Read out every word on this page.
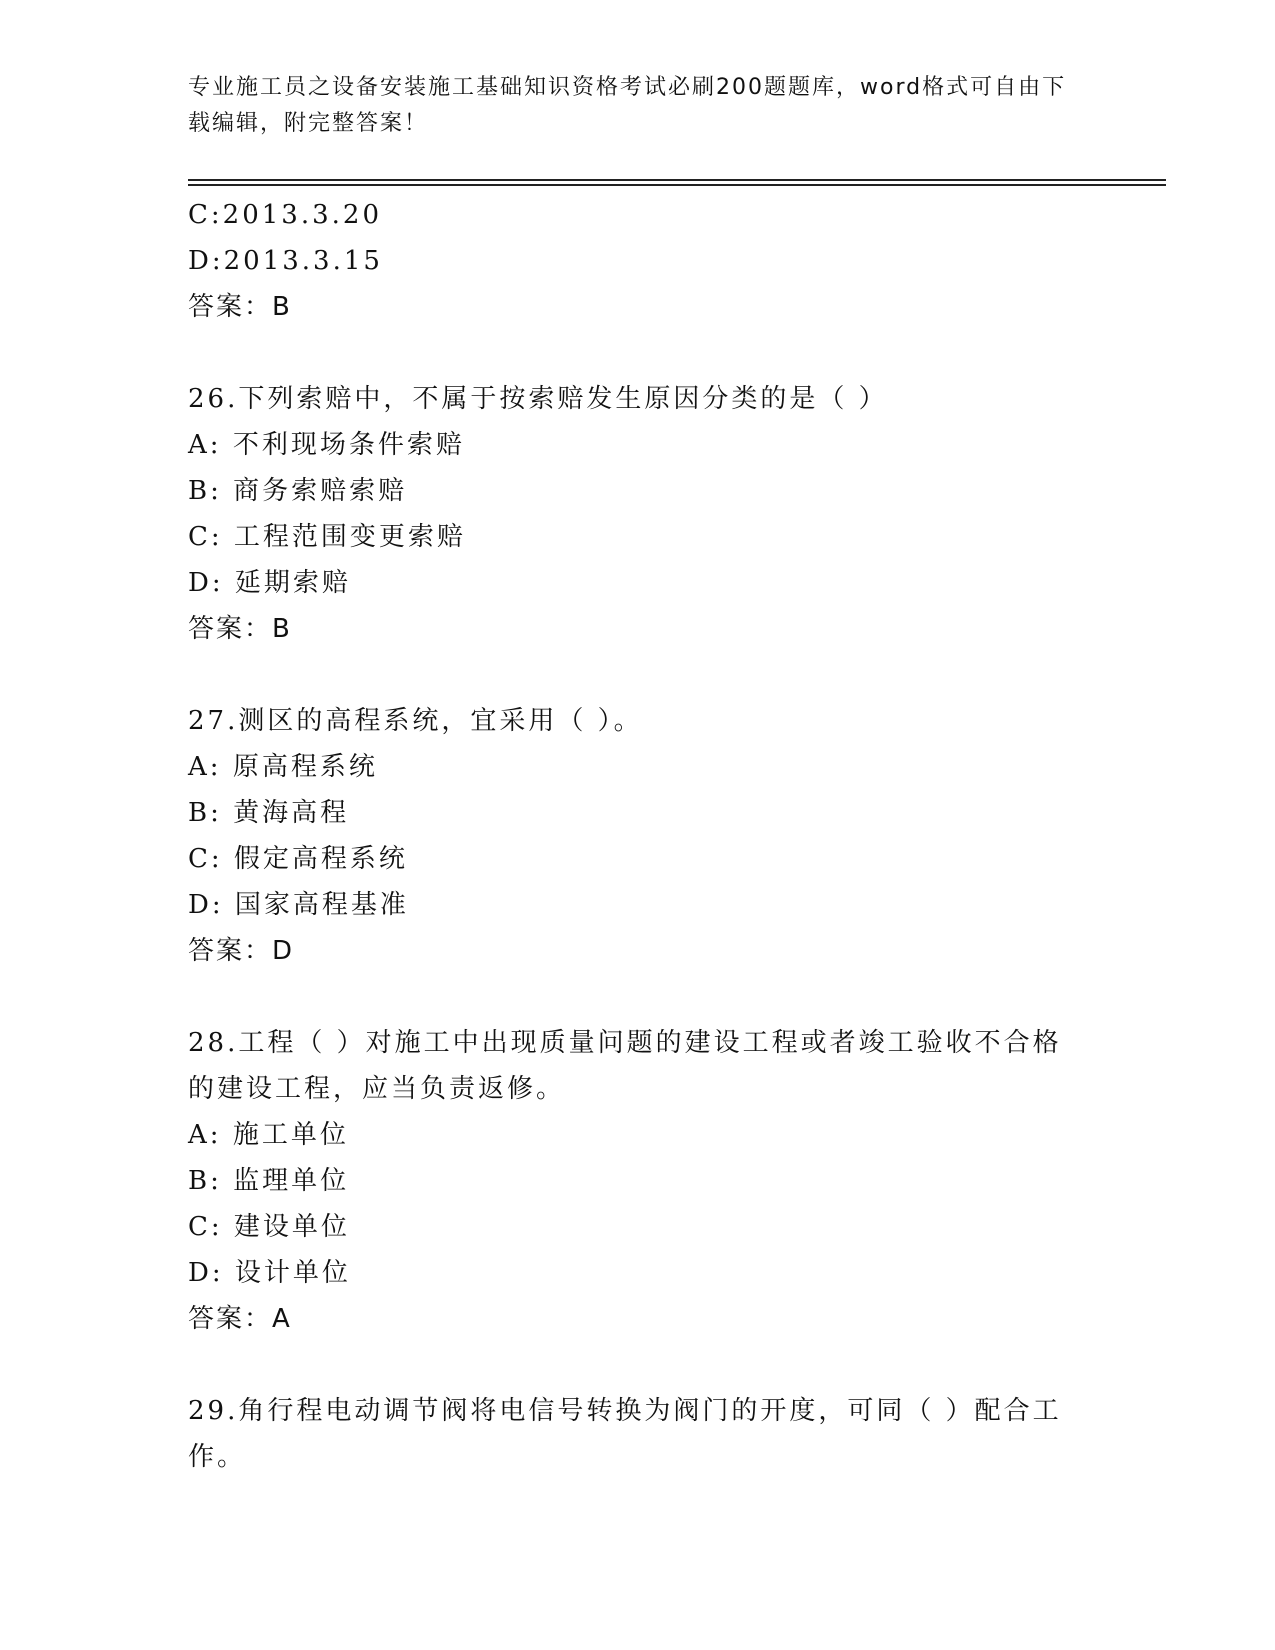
专业施工员之设备安装施工基础知识资格考试必刷200题题库，word格式可自由下载编辑，附完整答案！
C:2013.3.20
D:2013.3.15
答案：B
26.下列索赔中，不属于按索赔发生原因分类的是（ ）
A: 不利现场条件索赔
B: 商务索赔索赔
C: 工程范围变更索赔
D: 延期索赔
答案：B
27.测区的高程系统，宜采用（ ）。
A: 原高程系统
B: 黄海高程
C: 假定高程系统
D: 国家高程基准
答案：D
28.工程（ ）对施工中出现质量问题的建设工程或者竣工验收不合格的建设工程，应当负责返修。
A: 施工单位
B: 监理单位
C: 建设单位
D: 设计单位
答案：A
29.角行程电动调节阀将电信号转换为阀门的开度，可同（ ）配合工作。
